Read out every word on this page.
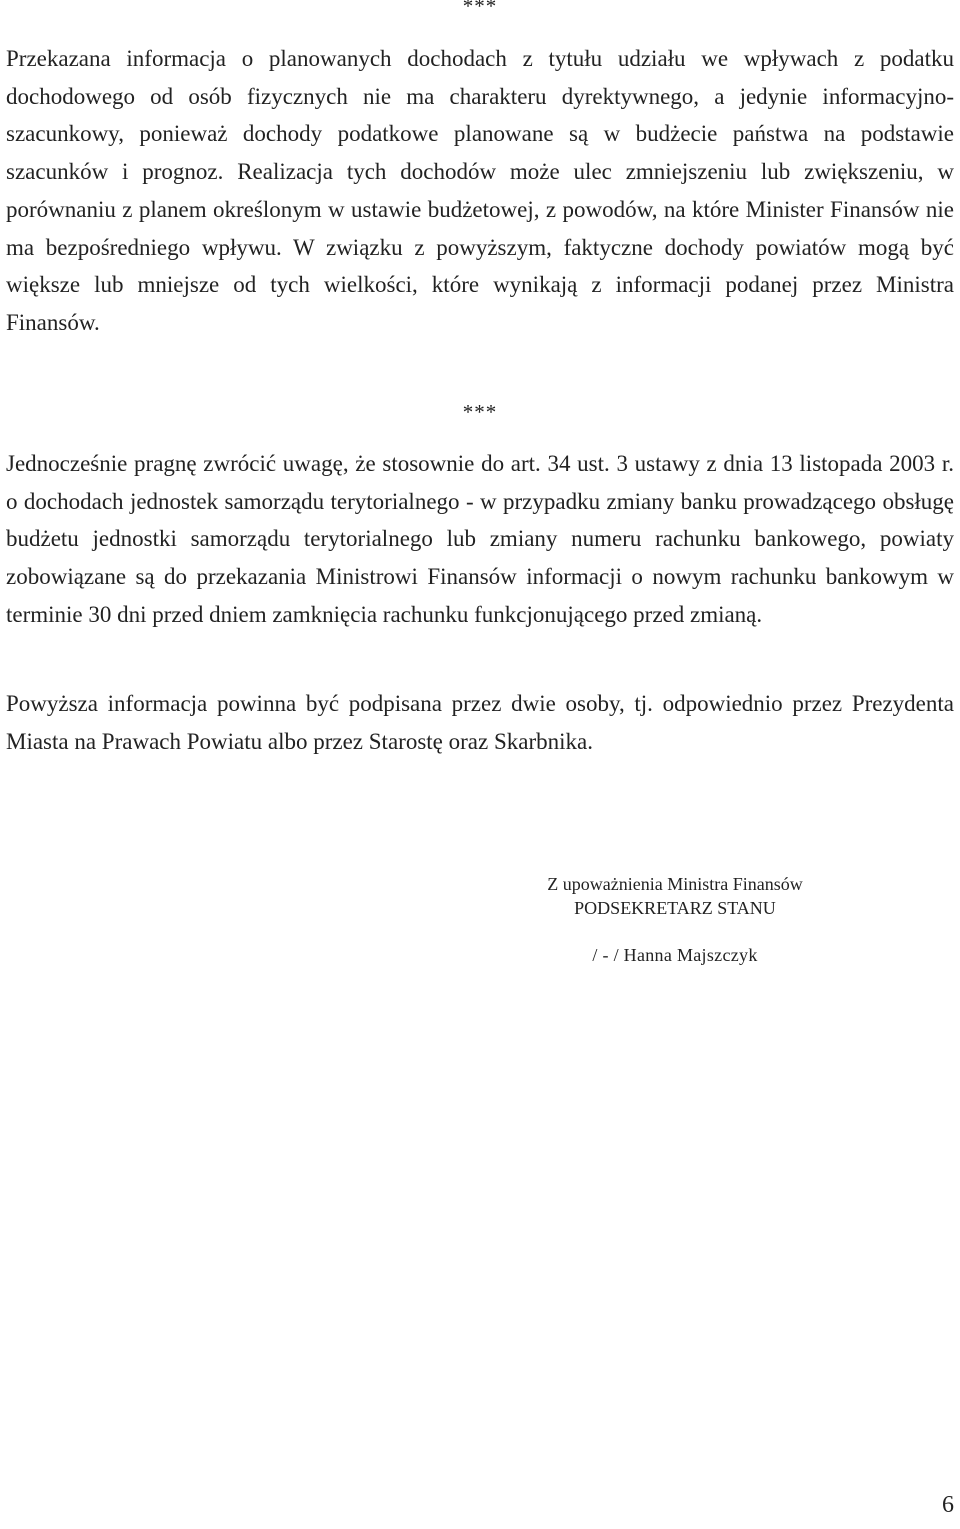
***

Przekazana informacja o planowanych dochodach z tytułu udziału we wpływach z podatku dochodowego od osób fizycznych nie ma charakteru dyrektywnego, a jedynie informacyjno-szacunkowy, ponieważ dochody podatkowe planowane są w budżecie państwa na podstawie szacunków i prognoz. Realizacja tych dochodów może ulec zmniejszeniu lub zwiększeniu, w porównaniu z planem określonym w ustawie budżetowej, z powodów, na które Minister Finansów nie ma bezpośredniego wpływu. W związku z powyższym, faktyczne dochody powiatów mogą być większe lub mniejsze od tych wielkości, które wynikają z informacji podanej przez Ministra Finansów.

***

Jednocześnie pragnę zwrócić uwagę, że stosownie do art. 34 ust. 3 ustawy z dnia 13 listopada 2003 r. o dochodach jednostek samorządu terytorialnego - w przypadku zmiany banku prowadzącego obsługę budżetu jednostki samorządu terytorialnego lub zmiany numeru rachunku bankowego, powiaty zobowiązane są do przekazania Ministrowi Finansów informacji o nowym rachunku bankowym w terminie 30 dni przed dniem zamknięcia rachunku funkcjonującego przed zmianą.

Powyższa informacja powinna być podpisana przez dwie osoby, tj. odpowiednio przez Prezydenta Miasta na Prawach Powiatu albo przez Starostę oraz Skarbnika.

Z upoważnienia Ministra Finansów
PODSEKRETARZ STANU
/ - / Hanna Majszczyk
6
